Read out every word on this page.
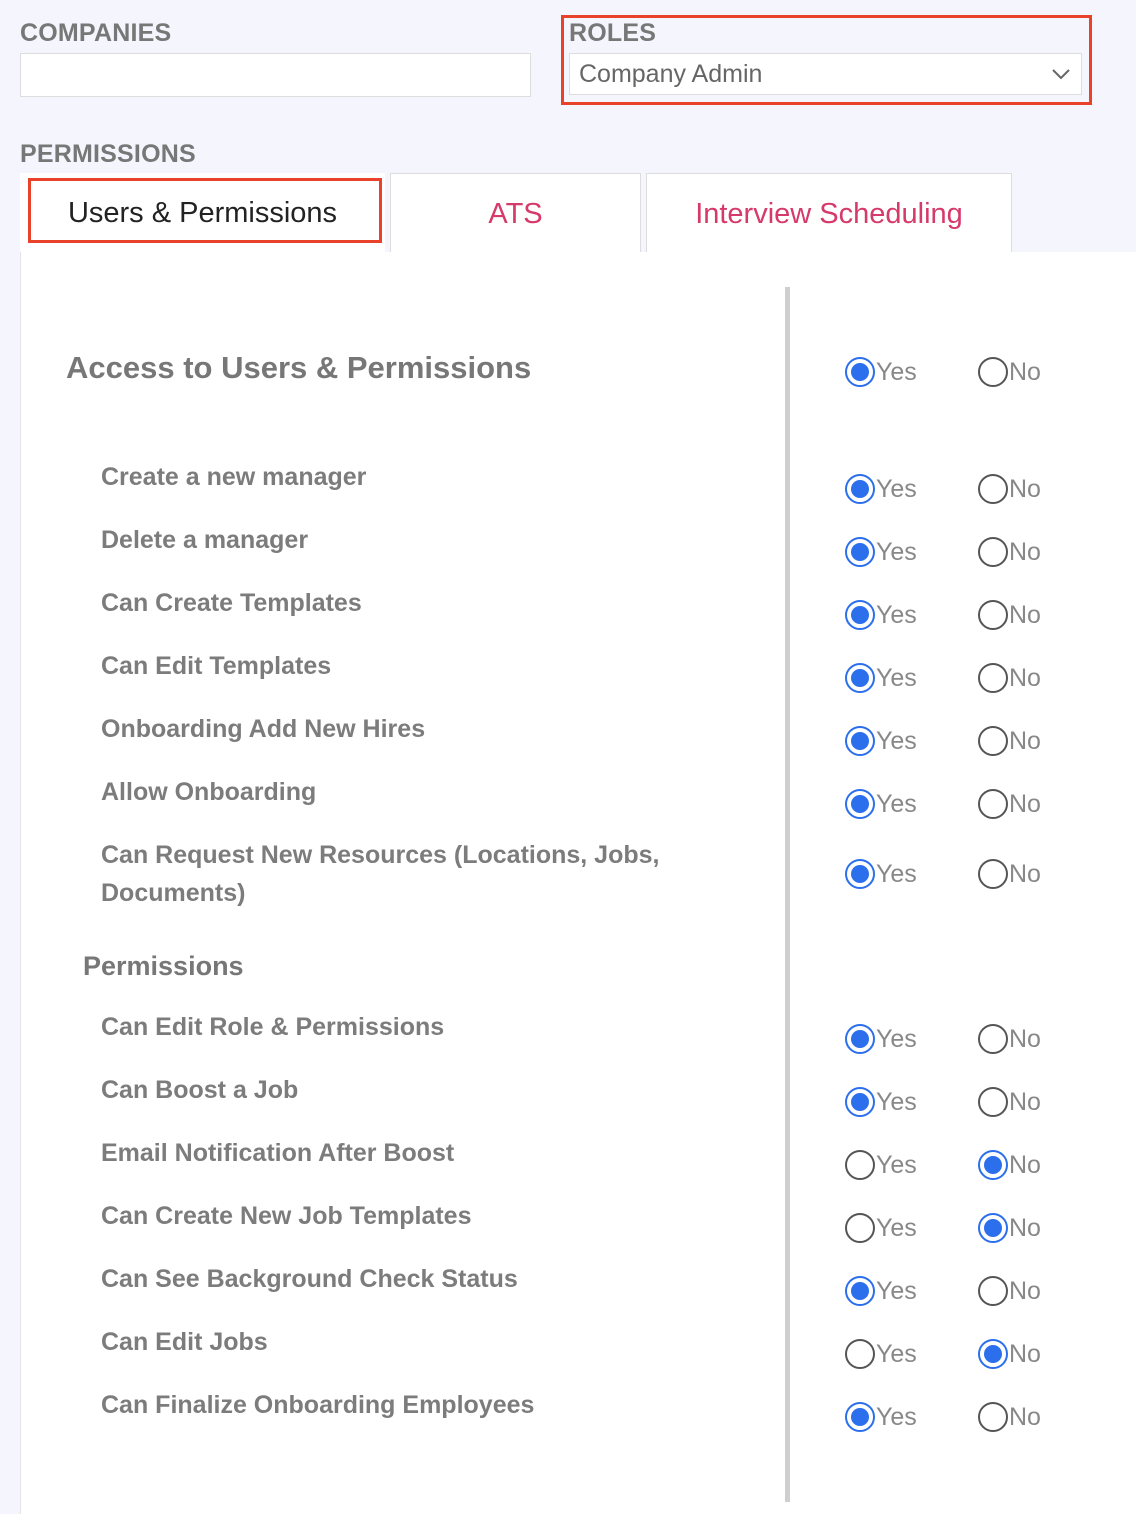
COMPANIES	ROLES
Company Admin
PERMISSIONS
Users & Permissions	ATS	Interview Scheduling
Access to Users & Permissions	Yes	No
Create a new manager	Yes	No
Delete a manager	Yes	No
Can Create Templates	Yes	No
Can Edit Templates	Yes	No
Onboarding Add New Hires	Yes	No
Allow Onboarding	Yes	No
Can Request New Resources (Locations, Jobs, Documents)
Yes	No
Can Edit Role & Permissions	Yes	No
Can Boost a Job	Yes	No
Email Notification After Boost	Yes	No
Can Create New Job Templates	Yes	No
Can See Background Check Status	Yes	No
Can Edit Jobs	Yes	No
Can Finalize Onboarding Employees	Yes	No
Permissions
